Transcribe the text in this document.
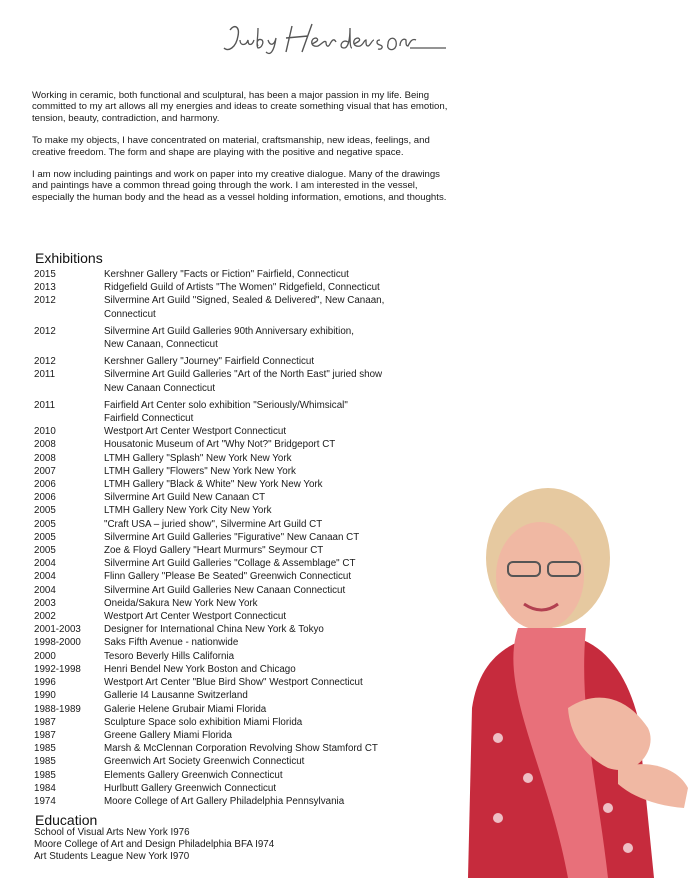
Working in ceramic, both functional and sculptural, has been a major passion in my life. Being committed to my art allows all my energies and ideas to create something visual that has emotion, tension, beauty, contradiction, and harmony.

To make my objects, I have concentrated on material, craftsmanship, new ideas, feelings, and creative freedom. The form and shape are playing with the positive and negative space.

I am now including paintings and work on paper into my creative dialogue. Many of the drawings and paintings have a common thread going through the work. I am interested in the vessel, especially the human body and the head as a vessel holding information, emotions, and thoughts.

Exhibitions
2015	Kershner Gallery "Facts or Fiction" Fairfield, Connecticut
2013	Ridgefield Guild of Artists "The Women" Ridgefield, Connecticut
2012	Silvermine Art Guild "Signed, Sealed & Delivered", New Canaan,
Connecticut
2012	Silvermine Art Guild Galleries 90th Anniversary exhibition,
New Canaan, Connecticut
2012	Kershner Gallery "Journey" Fairfield Connecticut
2011	Silvermine Art Guild Galleries "Art of the North East" juried show
New Canaan Connecticut
2011	Fairfield Art Center solo exhibition "Seriously/Whimsical"
Fairfield Connecticut
2010	Westport Art Center Westport Connecticut
2008	Housatonic Museum of Art "Why Not?" Bridgeport CT
2008	LTMH Gallery "Splash" New York New York
2007	LTMH Gallery "Flowers" New York New York
2006	LTMH Gallery "Black & White" New York New York
2006	Silvermine Art Guild New Canaan CT
2005	LTMH Gallery New York City New York
2005	"Craft USA – juried show", Silvermine Art Guild CT
2005	Silvermine Art Guild Galleries "Figurative" New Canaan CT
2005	Zoe & Floyd Gallery "Heart Murmurs" Seymour CT
2004	Silvermine Art Guild Galleries "Collage & Assemblage" CT
2004	Flinn Gallery "Please Be Seated" Greenwich Connecticut
2004	Silvermine Art Guild Galleries New Canaan Connecticut
2003	Oneida/Sakura New York New York
2002	Westport Art Center Westport Connecticut
2001-2003	Designer for International China New York & Tokyo
1998-2000	Saks Fifth Avenue - nationwide
2000	Tesoro Beverly Hills California
1992-1998	Henri Bendel New York Boston and Chicago
1996	Westport Art Center "Blue Bird Show" Westport Connecticut
1990	Gallerie I4 Lausanne Switzerland
1988-1989	Galerie Helene Grubair Miami Florida
1987	Sculpture Space solo exhibition Miami Florida
1987	Greene Gallery Miami Florida
1985	Marsh & McClennan Corporation Revolving Show Stamford CT
1985	Greenwich Art Society Greenwich Connecticut
1985	Elements Gallery Greenwich Connecticut
1984	Hurlbutt Gallery Greenwich Connecticut
1974	Moore College of Art Gallery Philadelphia Pennsylvania
Education
School of Visual Arts New York I976
Moore College of Art and Design Philadelphia BFA I974
Art Students League New York I970
